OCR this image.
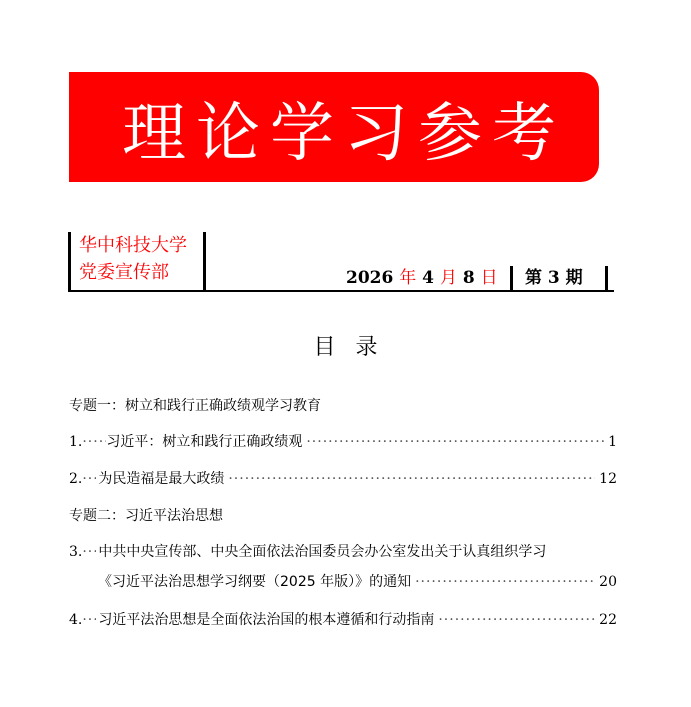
理论学习参考
华中科技大学
党委宣传部	2026 年 4 月 8 日	第 3 期
目录
专题一：树立和践行正确政绩观学习教育
1. ····· 习近平：树立和践行正确政绩观 ·····	1
2. ····· 为民造福是最大政绩 ·····	12
专题二：习近平法治思想
3. ····· 中共中央宣传部、中央全面依法治国委员会办公室发出关于认真组织学习
《习近平法治思想学习纲要（2025 年版）》的通知 ·····	20
4. ····· 习近平法治思想是全面依法治国的根本遵循和行动指南 ·····	22
